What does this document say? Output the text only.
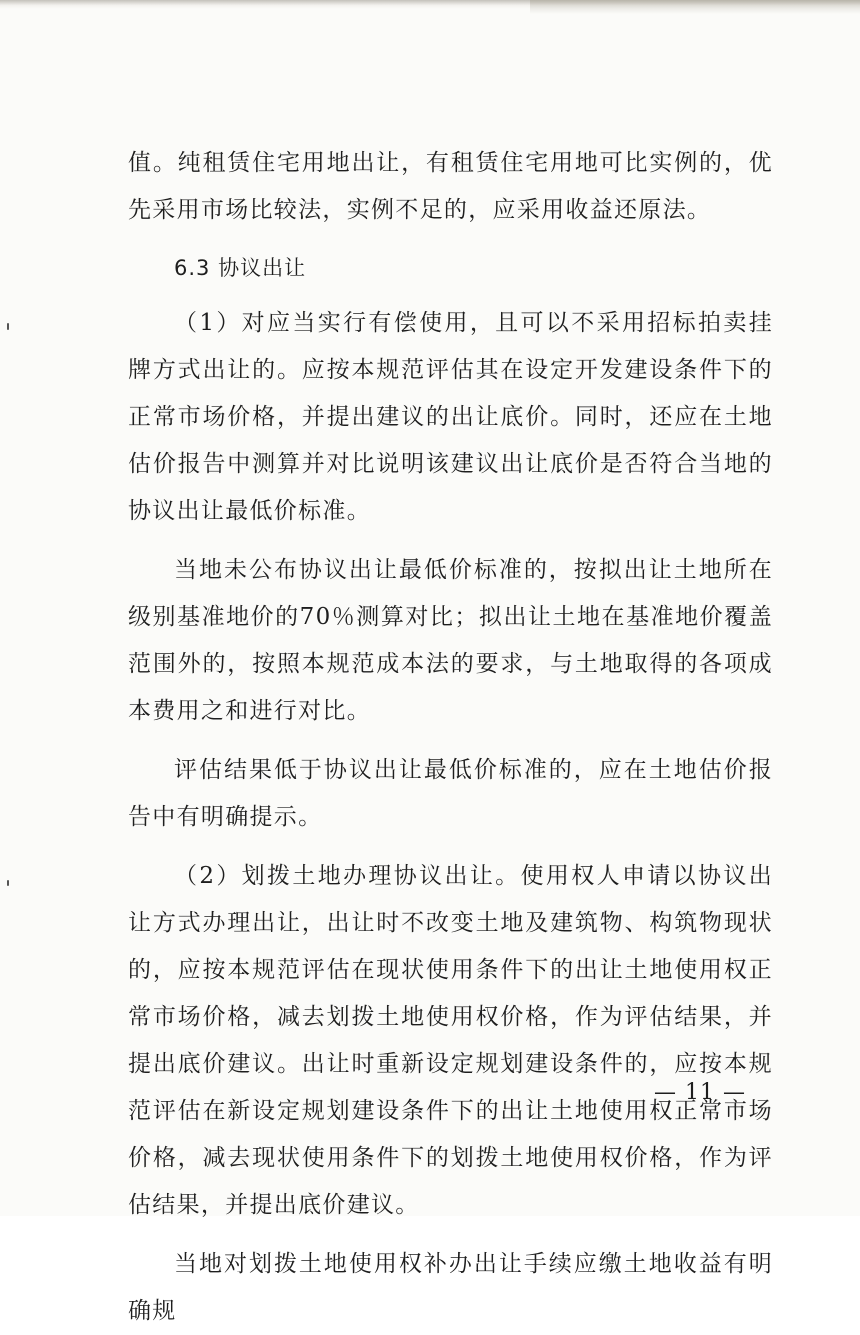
值。纯租赁住宅用地出让，有租赁住宅用地可比实例的，优先采用市场比较法，实例不足的，应采用收益还原法。

6.3 协议出让

（1）对应当实行有偿使用，且可以不采用招标拍卖挂牌方式出让的。应按本规范评估其在设定开发建设条件下的正常市场价格，并提出建议的出让底价。同时，还应在土地估价报告中测算并对比说明该建议出让底价是否符合当地的协议出让最低价标准。

当地未公布协议出让最低价标准的，按拟出让土地所在级别基准地价的70％测算对比；拟出让土地在基准地价覆盖范围外的，按照本规范成本法的要求，与土地取得的各项成本费用之和进行对比。

评估结果低于协议出让最低价标准的，应在土地估价报告中有明确提示。

（2）划拨土地办理协议出让。使用权人申请以协议出让方式办理出让，出让时不改变土地及建筑物、构筑物现状的，应按本规范评估在现状使用条件下的出让土地使用权正常市场价格，减去划拨土地使用权价格，作为评估结果，并提出底价建议。出让时重新设定规划建设条件的，应按本规范评估在新设定规划建设条件下的出让土地使用权正常市场价格，减去现状使用条件下的划拨土地使用权价格，作为评估结果，并提出底价建议。

当地对划拨土地使用权补办出让手续应缴土地收益有明确规

— 11 —
